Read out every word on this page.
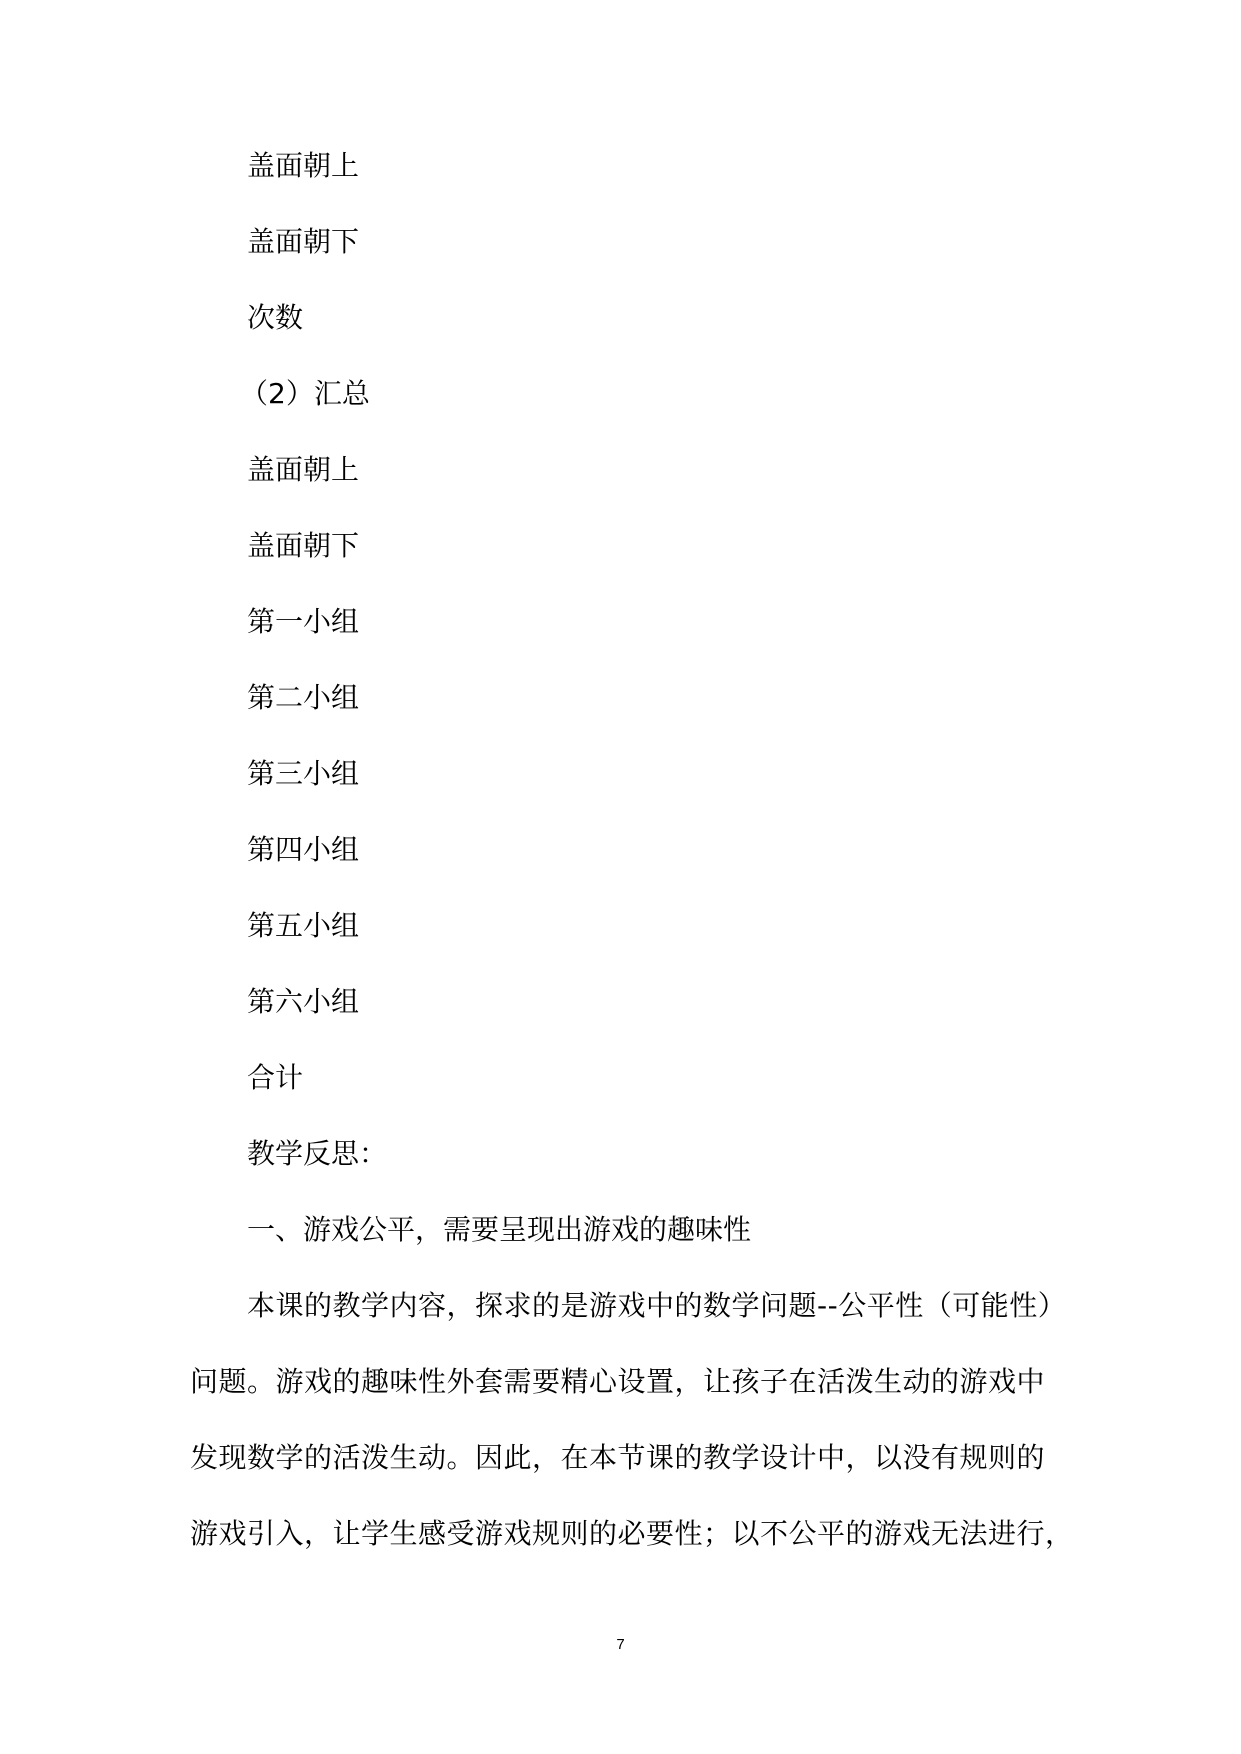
盖面朝上
盖面朝下
次数
（2）汇总
盖面朝上
盖面朝下
第一小组
第二小组
第三小组
第四小组
第五小组
第六小组
合计
教学反思：
一、游戏公平，需要呈现出游戏的趣味性
本课的教学内容，探求的是游戏中的数学问题--公平性（可能性）
问题。游戏的趣味性外套需要精心设置，让孩子在活泼生动的游戏中
发现数学的活泼生动。因此，在本节课的教学设计中，以没有规则的
游戏引入，让学生感受游戏规则的必要性；以不公平的游戏无法进行，
7
